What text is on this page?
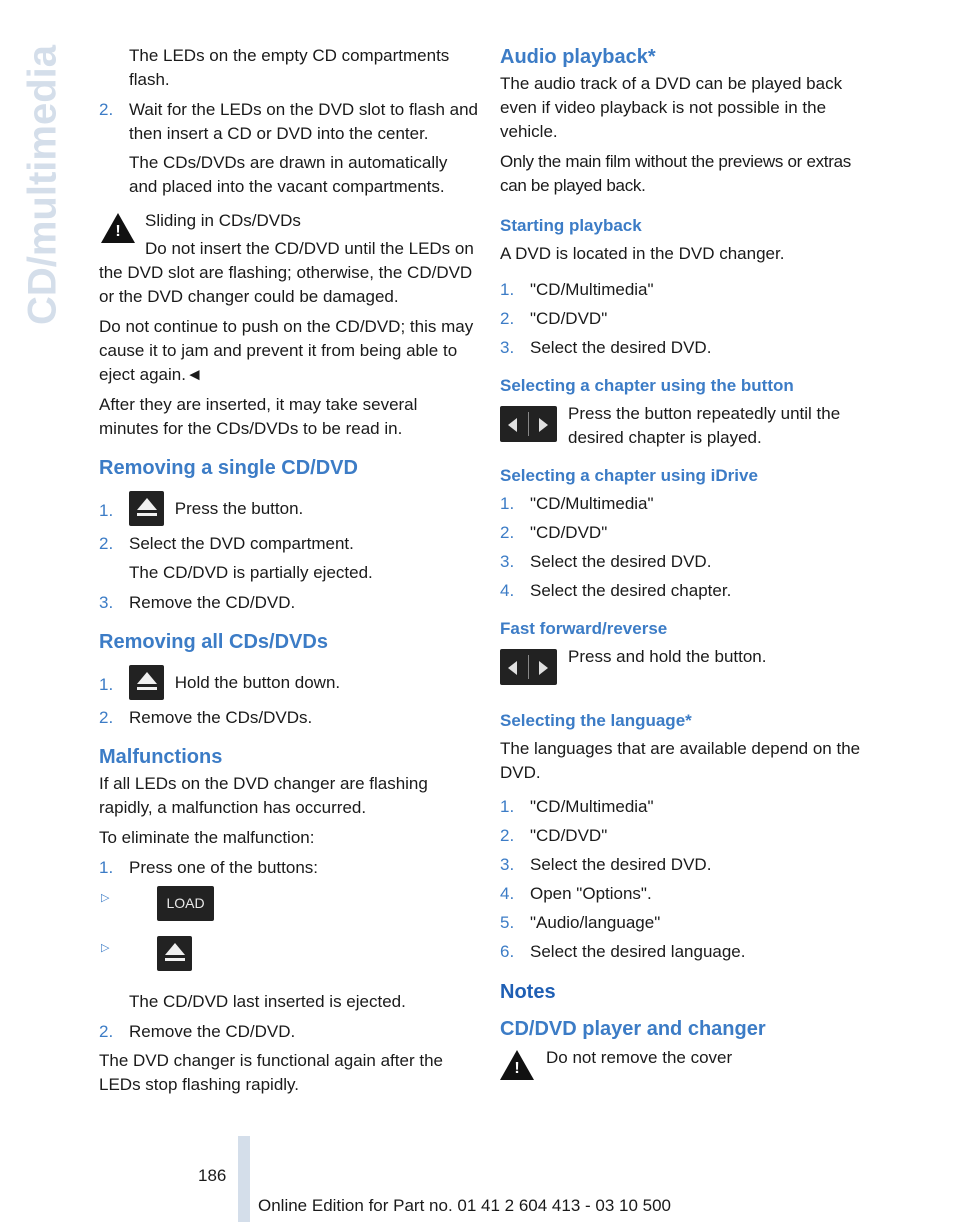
CD/multimedia	The LEDs on the empty CD compartments flash.

2. Wait for the LEDs on the DVD slot to flash and then insert a CD or DVD into the center.

The CDs/DVDs are drawn in automatically and placed into the vacant compartments.

!

Sliding in CDs/DVDs

Do not insert the CD/DVD until the LEDs on the DVD slot are flashing; otherwise, the CD/DVD or the DVD changer could be damaged.

Do not continue to push on the CD/DVD; this may cause it to jam and prevent it from being able to eject again.◄

After they are inserted, it may take several minutes for the CDs/DVDs to be read in.

Removing a single CD/DVD
1.	Press the button.
2. Select the DVD compartment.

The CD/DVD is partially ejected.

3. Remove the CD/DVD.
Removing all CDs/DVDs
1.	Hold the button down.
2. Remove the CDs/DVDs.
Malfunctions

If all LEDs on the DVD changer are flashing rapidly, a malfunction has occurred.

To eliminate the malfunction:

1. Press one of the buttons:
▷	LOAD
▷

The CD/DVD last inserted is ejected.

2. Remove the CD/DVD.

The DVD changer is functional again after the LEDs stop flashing rapidly.

Audio playback*

The audio track of a DVD can be played back even if video playback is not possible in the vehicle.

Only the main film without the previews or extras can be played back.

Starting playback

A DVD is located in the DVD changer.

1. "CD/Multimedia"
2. "CD/DVD"
3. Select the desired DVD.
Selecting a chapter using the button

Press the button repeatedly until the desired chapter is played.

Selecting a chapter using iDrive
1. "CD/Multimedia"
2. "CD/DVD"
3. Select the desired DVD.
4. Select the desired chapter.
Fast forward/reverse

Press and hold the button.

Selecting the language*

The languages that are available depend on the DVD.

1. "CD/Multimedia"
2. "CD/DVD"
3. Select the desired DVD.
4. Open "Options".
5. "Audio/language"
6. Select the desired language.
Notes
CD/DVD player and changer
!

Do not remove the cover

186
Online Edition for Part no. 01 41 2 604 413 - 03 10 500
